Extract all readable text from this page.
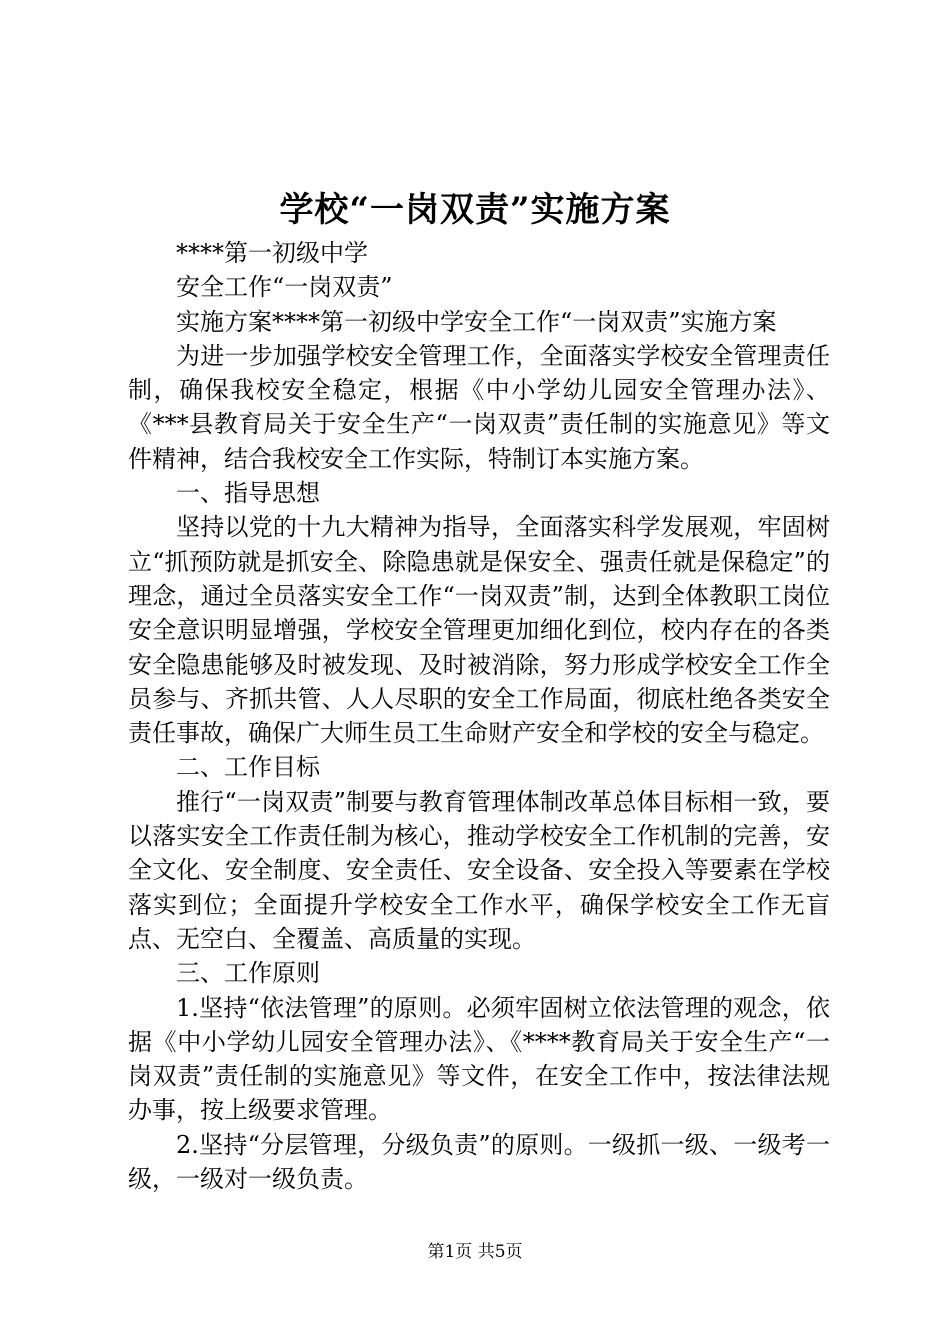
学校“一岗双责”实施方案

****第一初级中学

安全工作“一岗双责”

实施方案****第一初级中学安全工作“一岗双责”实施方案

为进一步加强学校安全管理工作，全面落实学校安全管理责任制，确保我校安全稳定，根据《中小学幼儿园安全管理办法》、《***县教育局关于安全生产“一岗双责”责任制的实施意见》等文件精神，结合我校安全工作实际，特制订本实施方案。

一、指导思想

坚持以党的十九大精神为指导，全面落实科学发展观，牢固树立“抓预防就是抓安全、除隐患就是保安全、强责任就是保稳定”的理念，通过全员落实安全工作“一岗双责”制，达到全体教职工岗位安全意识明显增强，学校安全管理更加细化到位，校内存在的各类安全隐患能够及时被发现、及时被消除，努力形成学校安全工作全员参与、齐抓共管、人人尽职的安全工作局面，彻底杜绝各类安全责任事故，确保广大师生员工生命财产安全和学校的安全与稳定。

二、工作目标

推行“一岗双责”制要与教育管理体制改革总体目标相一致，要以落实安全工作责任制为核心，推动学校安全工作机制的完善，安全文化、安全制度、安全责任、安全设备、安全投入等要素在学校落实到位；全面提升学校安全工作水平，确保学校安全工作无盲点、无空白、全覆盖、高质量的实现。

三、工作原则

1.坚持“依法管理”的原则。必须牢固树立依法管理的观念，依据《中小学幼儿园安全管理办法》、《****教育局关于安全生产“一岗双责”责任制的实施意见》等文件，在安全工作中，按法律法规办事，按上级要求管理。

2.坚持“分层管理，分级负责”的原则。一级抓一级、一级考一级，一级对一级负责。

第1页 共5页
